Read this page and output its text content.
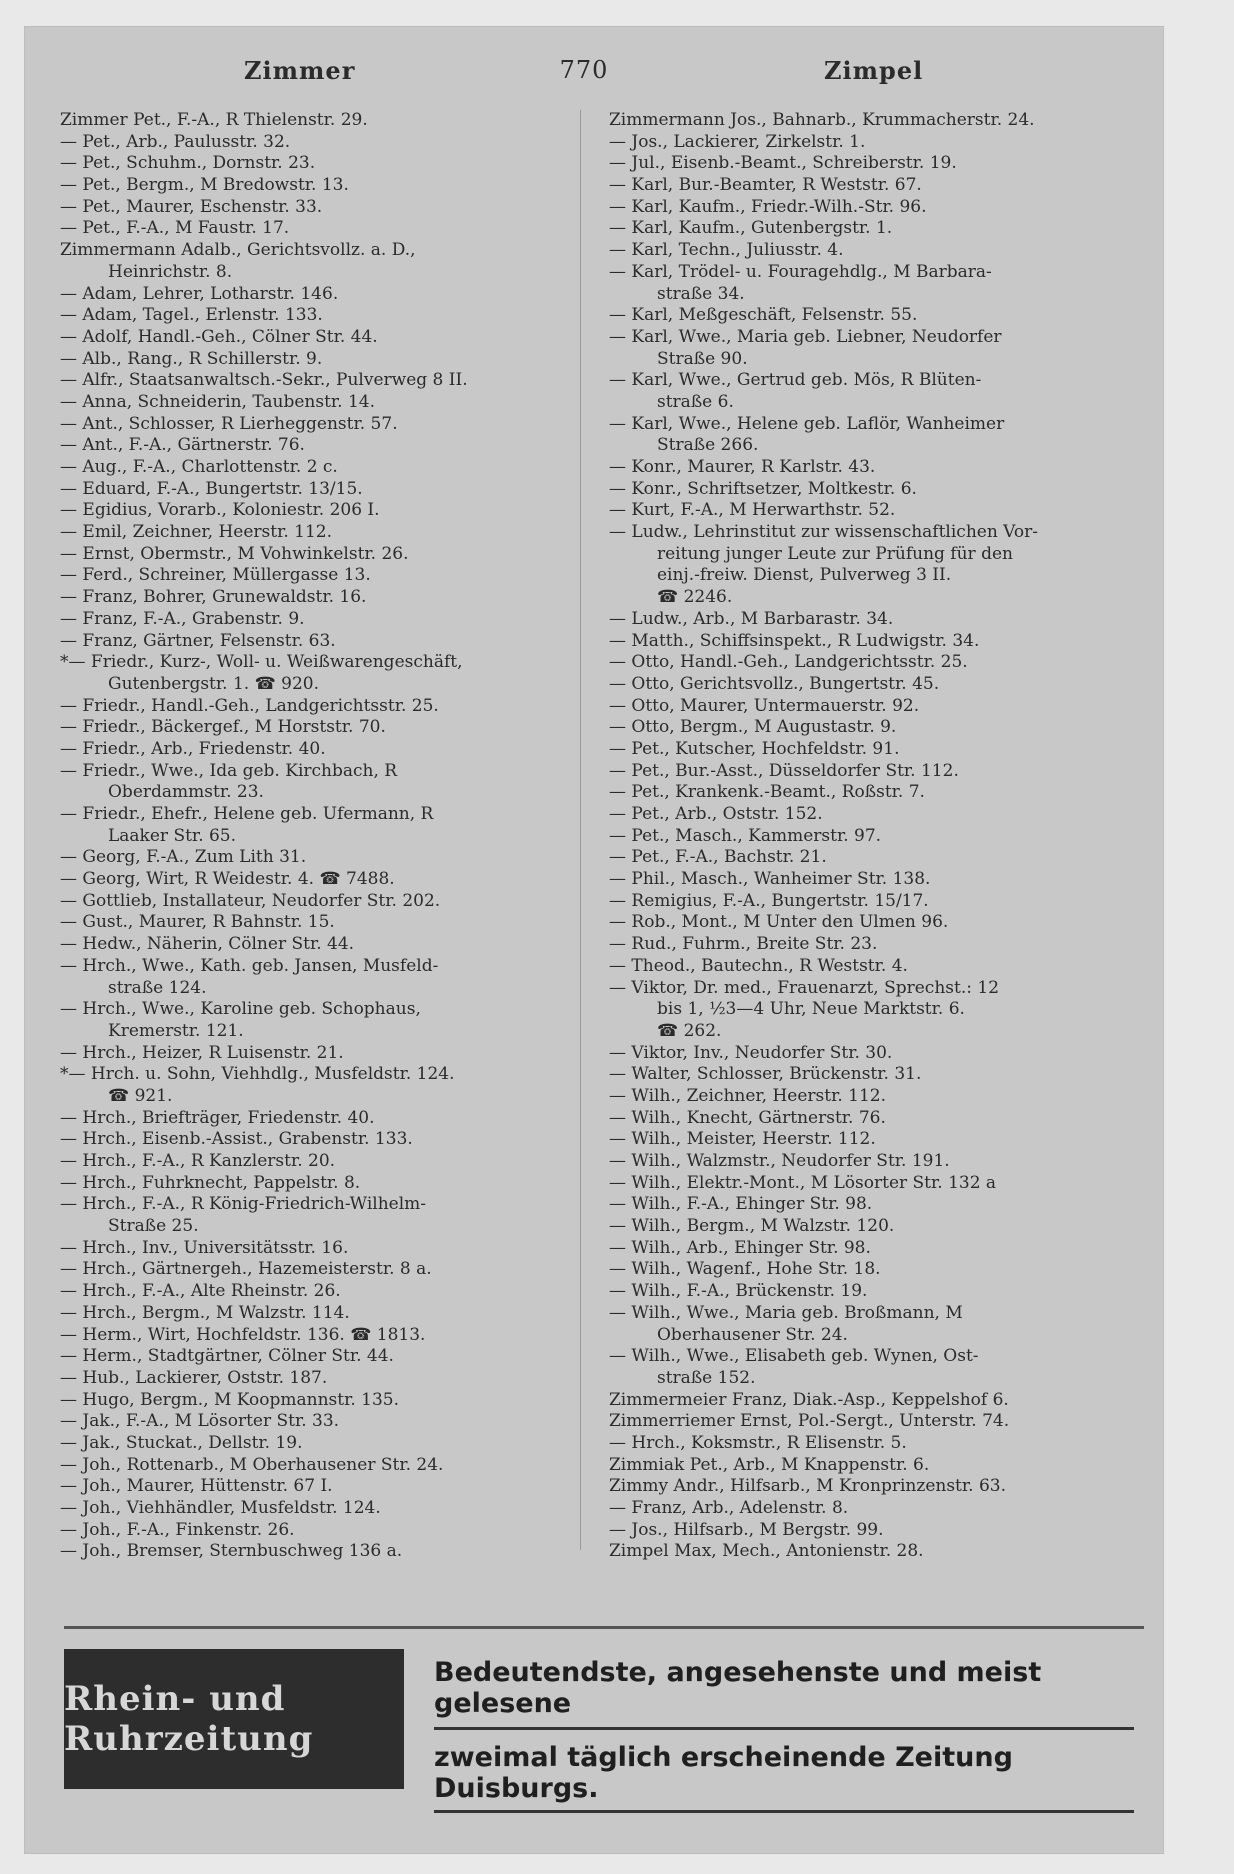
Zimmer	770	Zimpel
Zimmer Pet., F.-A., R Thielenstr. 29.
— Pet., Arb., Paulusstr. 32.
— Pet., Schuhm., Dornstr. 23.
— Pet., Bergm., M Bredowstr. 13.
— Pet., Maurer, Eschenstr. 33.
— Pet., F.-A., M Faustr. 17.
Zimmermann Adalb., Gerichtsvollz. a. D.,
Heinrichstr. 8.
— Adam, Lehrer, Lotharstr. 146.
— Adam, Tagel., Erlenstr. 133.
— Adolf, Handl.-Geh., Cölner Str. 44.
— Alb., Rang., R Schillerstr. 9.
— Alfr., Staatsanwaltsch.-Sekr., Pulverweg 8 II.
— Anna, Schneiderin, Taubenstr. 14.
— Ant., Schlosser, R Lierheggenstr. 57.
— Ant., F.-A., Gärtnerstr. 76.
— Aug., F.-A., Charlottenstr. 2 c.
— Eduard, F.-A., Bungertstr. 13/15.
— Egidius, Vorarb., Koloniestr. 206 I.
— Emil, Zeichner, Heerstr. 112.
— Ernst, Obermstr., M Vohwinkelstr. 26.
— Ferd., Schreiner, Müllergasse 13.
— Franz, Bohrer, Grunewaldstr. 16.
— Franz, F.-A., Grabenstr. 9.
— Franz, Gärtner, Felsenstr. 63.
*— Friedr., Kurz-, Woll- u. Weißwarengeschäft,
Gutenbergstr. 1. ☎ 920.
— Friedr., Handl.-Geh., Landgerichtsstr. 25.
— Friedr., Bäckergef., M Horststr. 70.
— Friedr., Arb., Friedenstr. 40.
— Friedr., Wwe., Ida geb. Kirchbach, R
Oberdammstr. 23.
— Friedr., Ehefr., Helene geb. Ufermann, R
Laaker Str. 65.
— Georg, F.-A., Zum Lith 31.
— Georg, Wirt, R Weidestr. 4. ☎ 7488.
— Gottlieb, Installateur, Neudorfer Str. 202.
— Gust., Maurer, R Bahnstr. 15.
— Hedw., Näherin, Cölner Str. 44.
— Hrch., Wwe., Kath. geb. Jansen, Musfeld-
straße 124.
— Hrch., Wwe., Karoline geb. Schophaus,
Kremerstr. 121.
— Hrch., Heizer, R Luisenstr. 21.
*— Hrch. u. Sohn, Viehhdlg., Musfeldstr. 124.
☎ 921.
— Hrch., Briefträger, Friedenstr. 40.
— Hrch., Eisenb.-Assist., Grabenstr. 133.
— Hrch., F.-A., R Kanzlerstr. 20.
— Hrch., Fuhrknecht, Pappelstr. 8.
— Hrch., F.-A., R König-Friedrich-Wilhelm-
Straße 25.
— Hrch., Inv., Universitätsstr. 16.
— Hrch., Gärtnergeh., Hazemeisterstr. 8 a.
— Hrch., F.-A., Alte Rheinstr. 26.
— Hrch., Bergm., M Walzstr. 114.
— Herm., Wirt, Hochfeldstr. 136. ☎ 1813.
— Herm., Stadtgärtner, Cölner Str. 44.
— Hub., Lackierer, Oststr. 187.
— Hugo, Bergm., M Koopmannstr. 135.
— Jak., F.-A., M Lösorter Str. 33.
— Jak., Stuckat., Dellstr. 19.
— Joh., Rottenarb., M Oberhausener Str. 24.
— Joh., Maurer, Hüttenstr. 67 I.
— Joh., Viehhändler, Musfeldstr. 124.
— Joh., F.-A., Finkenstr. 26.
— Joh., Bremser, Sternbuschweg 136 a.
Zimmermann Jos., Bahnarb., Krummacherstr. 24.
— Jos., Lackierer, Zirkelstr. 1.
— Jul., Eisenb.-Beamt., Schreiberstr. 19.
— Karl, Bur.-Beamter, R Weststr. 67.
— Karl, Kaufm., Friedr.-Wilh.-Str. 96.
— Karl, Kaufm., Gutenbergstr. 1.
— Karl, Techn., Juliusstr. 4.
— Karl, Trödel- u. Fouragehdlg., M Barbara-
straße 34.
— Karl, Meßgeschäft, Felsenstr. 55.
— Karl, Wwe., Maria geb. Liebner, Neudorfer
Straße 90.
— Karl, Wwe., Gertrud geb. Mös, R Blüten-
straße 6.
— Karl, Wwe., Helene geb. Laflör, Wanheimer
Straße 266.
— Konr., Maurer, R Karlstr. 43.
— Konr., Schriftsetzer, Moltkestr. 6.
— Kurt, F.-A., M Herwarthstr. 52.
— Ludw., Lehrinstitut zur wissenschaftlichen Vor-
reitung junger Leute zur Prüfung für den
einj.-freiw. Dienst, Pulverweg 3 II.
☎ 2246.
— Ludw., Arb., M Barbarastr. 34.
— Matth., Schiffsinspekt., R Ludwigstr. 34.
— Otto, Handl.-Geh., Landgerichtsstr. 25.
— Otto, Gerichtsvollz., Bungertstr. 45.
— Otto, Maurer, Untermauerstr. 92.
— Otto, Bergm., M Augustastr. 9.
— Pet., Kutscher, Hochfeldstr. 91.
— Pet., Bur.-Asst., Düsseldorfer Str. 112.
— Pet., Krankenk.-Beamt., Roßstr. 7.
— Pet., Arb., Oststr. 152.
— Pet., Masch., Kammerstr. 97.
— Pet., F.-A., Bachstr. 21.
— Phil., Masch., Wanheimer Str. 138.
— Remigius, F.-A., Bungertstr. 15/17.
— Rob., Mont., M Unter den Ulmen 96.
— Rud., Fuhrm., Breite Str. 23.
— Theod., Bautechn., R Weststr. 4.
— Viktor, Dr. med., Frauenarzt, Sprechst.: 12
bis 1, ½3—4 Uhr, Neue Marktstr. 6.
☎ 262.
— Viktor, Inv., Neudorfer Str. 30.
— Walter, Schlosser, Brückenstr. 31.
— Wilh., Zeichner, Heerstr. 112.
— Wilh., Knecht, Gärtnerstr. 76.
— Wilh., Meister, Heerstr. 112.
— Wilh., Walzmstr., Neudorfer Str. 191.
— Wilh., Elektr.-Mont., M Lösorter Str. 132 a
— Wilh., F.-A., Ehinger Str. 98.
— Wilh., Bergm., M Walzstr. 120.
— Wilh., Arb., Ehinger Str. 98.
— Wilh., Wagenf., Hohe Str. 18.
— Wilh., F.-A., Brückenstr. 19.
— Wilh., Wwe., Maria geb. Broßmann, M
Oberhausener Str. 24.
— Wilh., Wwe., Elisabeth geb. Wynen, Ost-
straße 152.
Zimmermeier Franz, Diak.-Asp., Keppelshof 6.
Zimmerriemer Ernst, Pol.-Sergt., Unterstr. 74.
— Hrch., Koksmstr., R Elisenstr. 5.
Zimmiak Pet., Arb., M Knappenstr. 6.
Zimmy Andr., Hilfsarb., M Kronprinzenstr. 63.
— Franz, Arb., Adelenstr. 8.
— Jos., Hilfsarb., M Bergstr. 99.
Zimpel Max, Mech., Antonienstr. 28.
Rhein- und Ruhrzeitung
Bedeutendste, angesehenste und meist gelesene
zweimal täglich erscheinende Zeitung Duisburgs.
